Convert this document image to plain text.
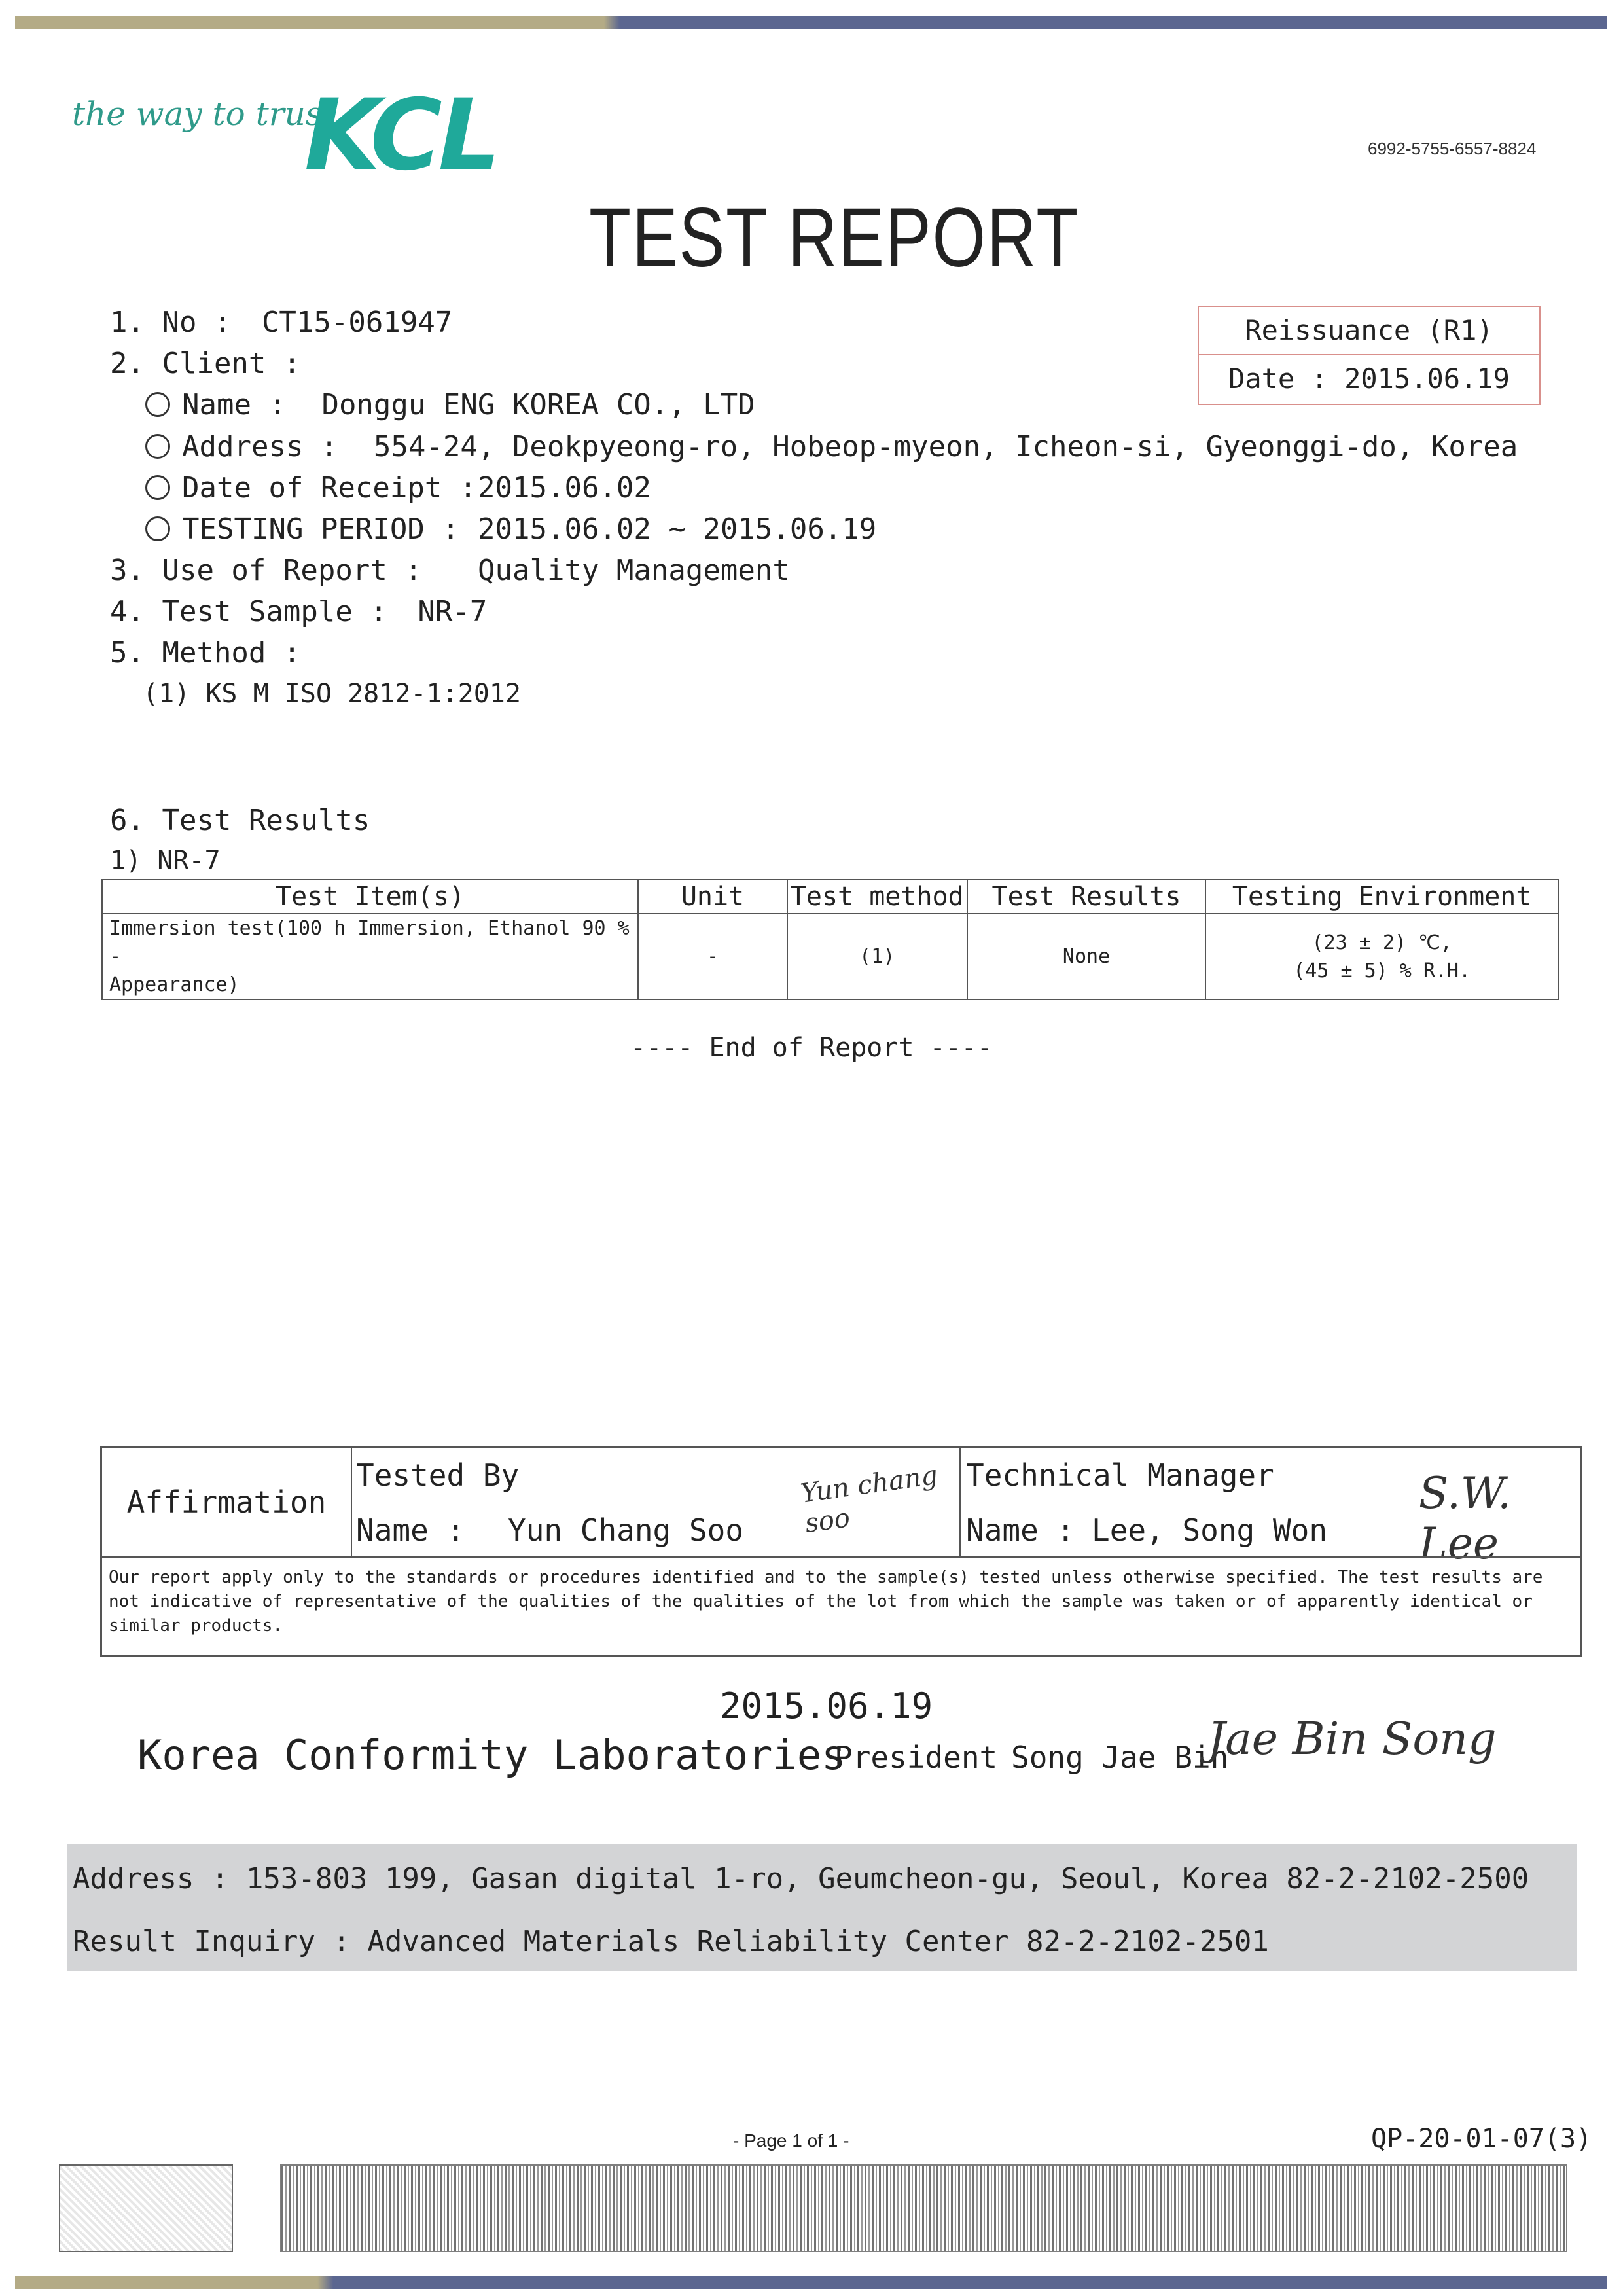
the way to trust
KCL	6992-5755-6557-8824
TEST REPORT
Reissuance (R1)
Date : 2015.06.19
1. No : CT15-061947
2. Client :
Name : Donggu ENG KOREA CO., LTD
Address : 554-24, Deokpyeong-ro, Hobeop-myeon, Icheon-si, Gyeonggi-do, Korea
Date of Receipt : 2015.06.02
TESTING PERIOD : 2015.06.02 ~ 2015.06.19
3. Use of Report : Quality Management
4. Test Sample : NR-7
5. Method :
(1) KS M ISO 2812-1:2012
6. Test Results
1) NR-7
Test Item(s)	Unit	Test method	Test Results	Testing Environment
Immersion test(100 h Immersion, Ethanol 90 % -
Appearance)	-	(1)	None	(23 ± 2) ℃,
(45 ± 5) % R.H.
---- End of Report ----
Affirmation
Tested By
Name : Yun Chang Soo
Yun chang soo
Technical Manager
Name : Lee, Song Won
S.W. Lee
Our report apply only to the standards or procedures identified and to the sample(s) tested unless otherwise specified. The test results are not indicative of representative of the qualities of the qualities of the lot from which the sample was taken or of apparently identical or similar products.
2015.06.19
Korea Conformity Laboratories
President Song Jae Bin
Jae Bin Song
Address : 153-803 199, Gasan digital 1-ro, Geumcheon-gu, Seoul, Korea 82-2-2102-2500
Result Inquiry : Advanced Materials Reliability Center 82-2-2102-2501
- Page 1 of 1 -	QP-20-01-07(3)
